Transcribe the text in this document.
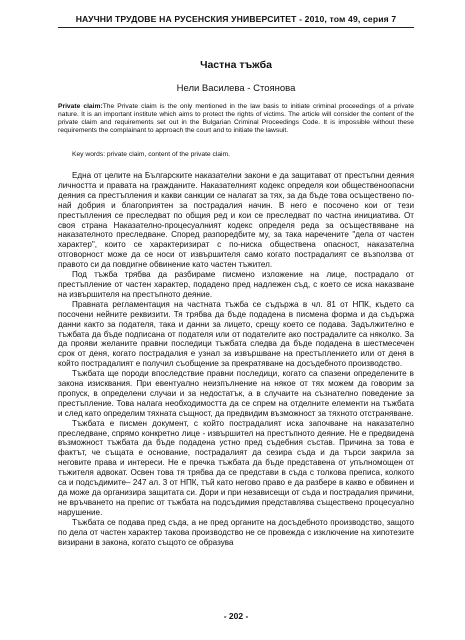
НАУЧНИ ТРУДОВЕ НА РУСЕНСКИЯ УНИВЕРСИТЕТ - 2010, том 49, серия 7
Частна тъжба
Нели Василева - Стоянова
Private claim:The Private claim is the only mentioned in the law basis to initiate criminal proceedings of a private nature. It is an important institute which aims to protect the rights of victims. The article will consider the content of the private claim and requirements set out in the Bulgarian Criminal Proceedings Code. It is impossible without these requirements the complainant to approach the court and to initiate the lawsuit.
Key words: private claim, content of the private claim.

Една от целите на Българските наказателни закони е да защитават от престъпни деяния личността и правата на гражданите. Наказателният кодекс определя кои общественоопасни деяния са престъпления и какви санкции се налагат за тях, за да бъде това осъществено по-най добрия и благоприятен за пострадалия начин. В него е посочено кои от тези престъпления се преследват по общия ред и кои се преследват по частна инициатива. От своя страна Наказателно-процесуалният кодекс определя реда за осъществяване на наказателното преследване. Според разпоредбите му, за така наречените "дела от частен характер", които се характеризират с по-ниска обществена опасност, наказателна отговорност може да се носи от извършителя само когато пострадалият се възползва от правото си да повдигне обвинение като частен тъжител.

Под тъжба трябва да разбираме писмено изложение на лице, пострадало от престъпление от частен характер, подадено пред надлежен съд, с което се иска наказване на извършителя на престъпното деяние.

Правната регламентация на частната тъжба се съдържа в чл. 81 от НПК, където са посочени нейните реквизити. Тя трябва да бъде подадена в писмена форма и да съдържа данни както за подателя, така и данни за лицето, срещу което се подава. Задължително е тъжбата да бъде подписана от подателя или от подателите ако пострадалите са няколко. За да прояви желаните правни последици тъжбата следва да бъде подадена в шестмесечен срок от деня, когато пострадалия е узнал за извършване на престъплението или от деня в който пострадалият е получил съобщение за прекратяване на досъдебното производство.

Тъжбата ще породи впоследствие правни последици, когато са спазени определените в закона изисквания. При евентуално неизпълнение на някое от тях можем да говорим за пропуск, в определени случаи и за недостатък, а в случаите на съзнателно поведение за престъпление. Това налага необходимостта да се спрем на отделните елементи на тъжбата и след като определим тяхната същност, да предвидим възможност за тяхното отстраняване.

Тъжбата е писмен документ, с който пострадалият иска започване на наказателно преследване, спрямо конкретно лице - извършител на престъпното деяние. Не е предвидена възможност тъжбата да бъде подадена устно пред съдебния състав. Причина за това е фактът, че същата е основание, пострадалият да сезира съда и да търси закрила за неговите права и интереси. Не е пречка тъжбата да бъде представена от упълномощен от тъжителя адвокат. Освен това тя трябва да се представи в съда с толкова преписа, колкото са и подсъдимите– 247 ал. 3 от НПК, тъй като негово право е да разбере в какво е обвинен и да може да организира защитата си. Дори и при независещи от съда и пострадалия причини, не връчването на препис от тъжбата на подсъдимия представлява съществено процесуално нарушение.

Тъжбата се подава пред съда, а не пред органите на досъдебното производство, защото по дела от частен характер такова производство не се провежда с изключение на хипотезите визирани в закона, когато същото се образува

- 202 -
